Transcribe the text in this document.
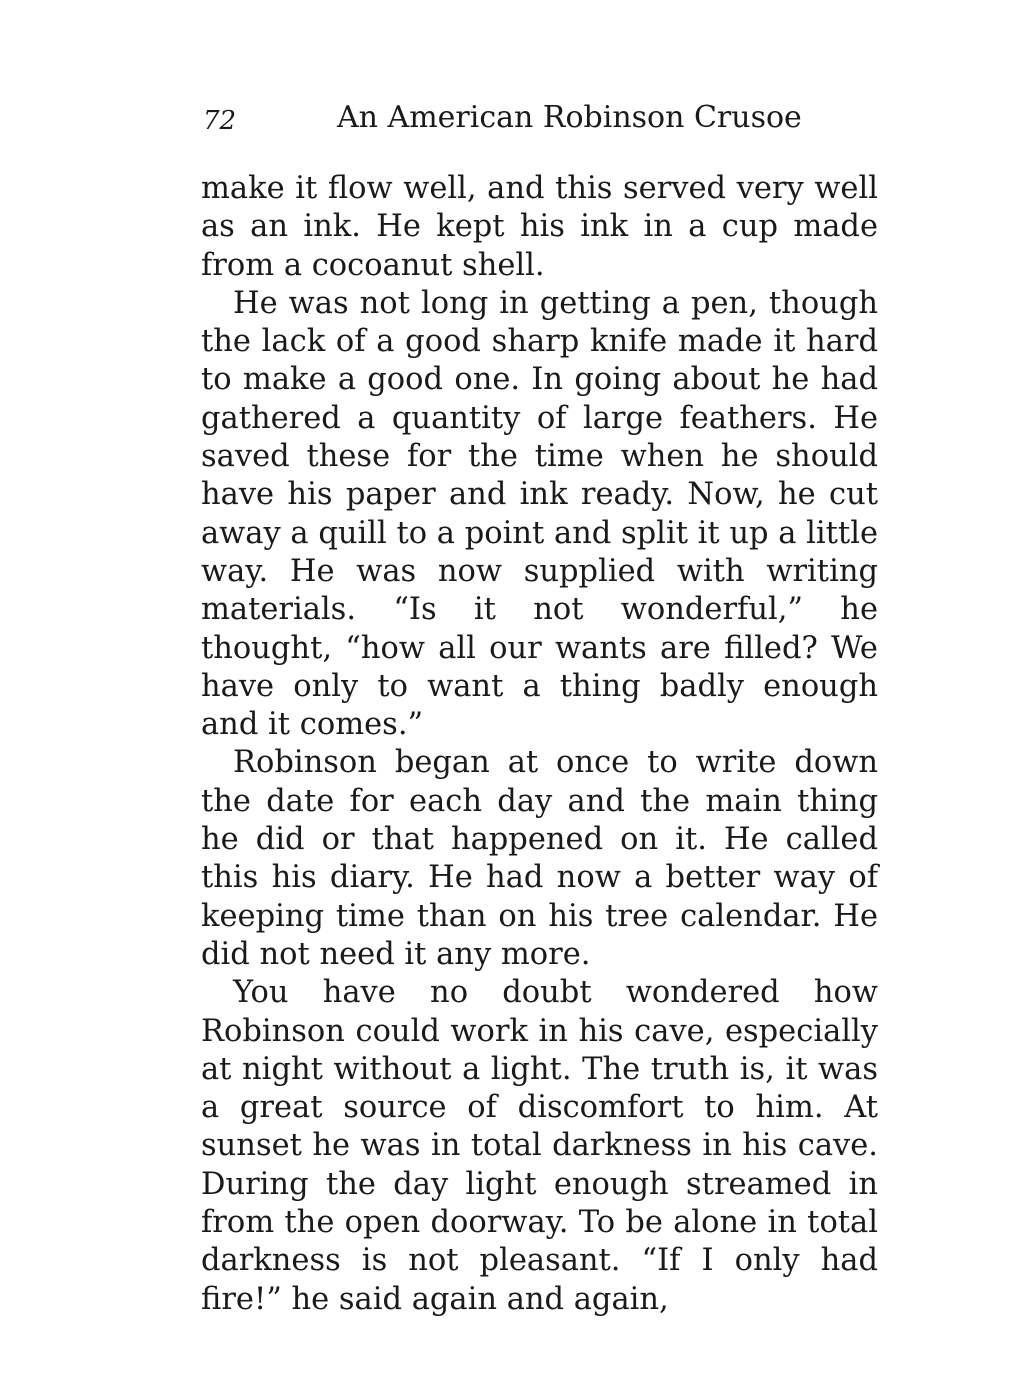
72	An American Robinson Crusoe

make it flow well, and this served very well as an ink. He kept his ink in a cup made from a cocoanut shell.

He was not long in getting a pen, though the lack of a good sharp knife made it hard to make a good one. In going about he had gathered a quantity of large feathers. He saved these for the time when he should have his paper and ink ready. Now, he cut away a quill to a point and split it up a little way. He was now supplied with writing materials. “Is it not wonderful,” he thought, “how all our wants are filled? We have only to want a thing badly enough and it comes.”

Robinson began at once to write down the date for each day and the main thing he did or that happened on it. He called this his diary. He had now a better way of keeping time than on his tree calendar. He did not need it any more.

You have no doubt wondered how Robinson could work in his cave, especially at night without a light. The truth is, it was a great source of discomfort to him. At sunset he was in total darkness in his cave. During the day light enough streamed in from the open doorway. To be alone in total darkness is not pleasant. “If I only had fire!” he said again and again,
